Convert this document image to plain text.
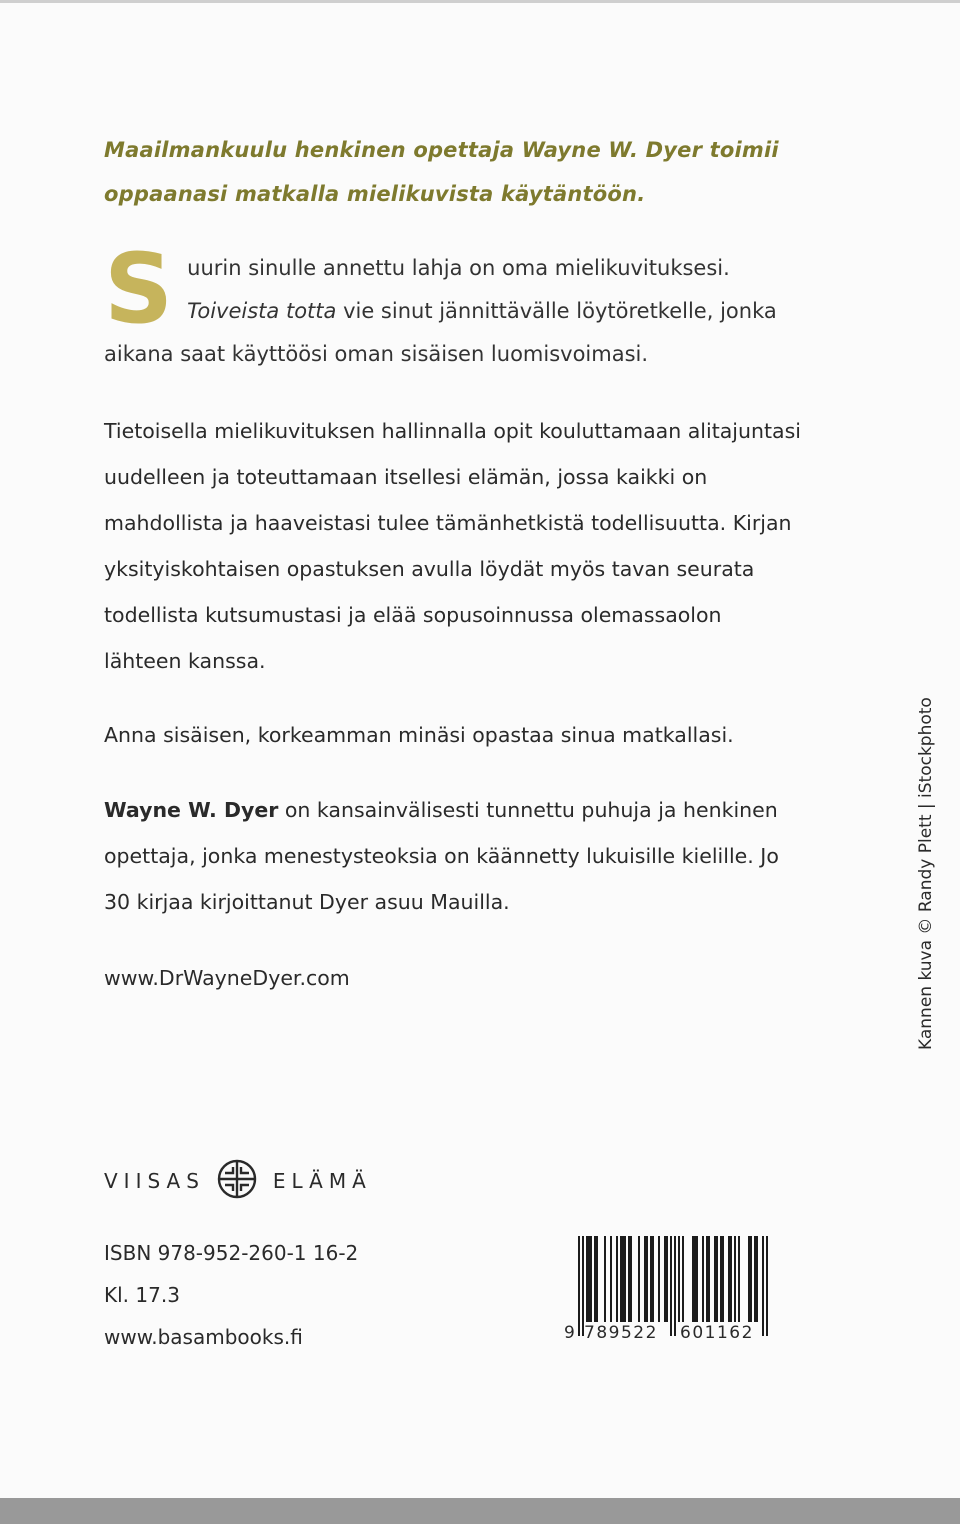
Maailmankuulu henkinen opettaja Wayne W. Dyer toimii
oppaanasi matkalla mielikuvista käytäntöön.
Suurin sinulle annettu lahja on oma mielikuvituksesi. Toiveista totta vie sinut jännittävälle löytöretkelle, jonka aikana saat käyttöösi oman sisäisen luomisvoimasi.
Tietoisella mielikuvituksen hallinnalla opit kouluttamaan alitajuntasi uudelleen ja toteuttamaan itsellesi elämän, jossa kaikki on mahdollista ja haaveistasi tulee tämänhetkistä todellisuutta. Kirjan yksityiskohtaisen opastuksen avulla löydät myös tavan seurata todellista kutsumustasi ja elää sopusoinnussa olemassaolon lähteen kanssa.
Anna sisäisen, korkeamman minäsi opastaa sinua matkallasi.
Wayne W. Dyer on kansainvälisesti tunnettu puhuja ja henkinen opettaja, jonka menestysteoksia on käännetty lukuisille kielille. Jo 30 kirjaa kirjoittanut Dyer asuu Mauilla.
www.DrWayneDyer.com	Kannen kuva © Randy Plett | iStockphoto
VIISAS	ELÄMÄ
ISBN 978-952-260-1 16-2
Kl. 17.3
www.basambooks.fi	9 789522 601162
